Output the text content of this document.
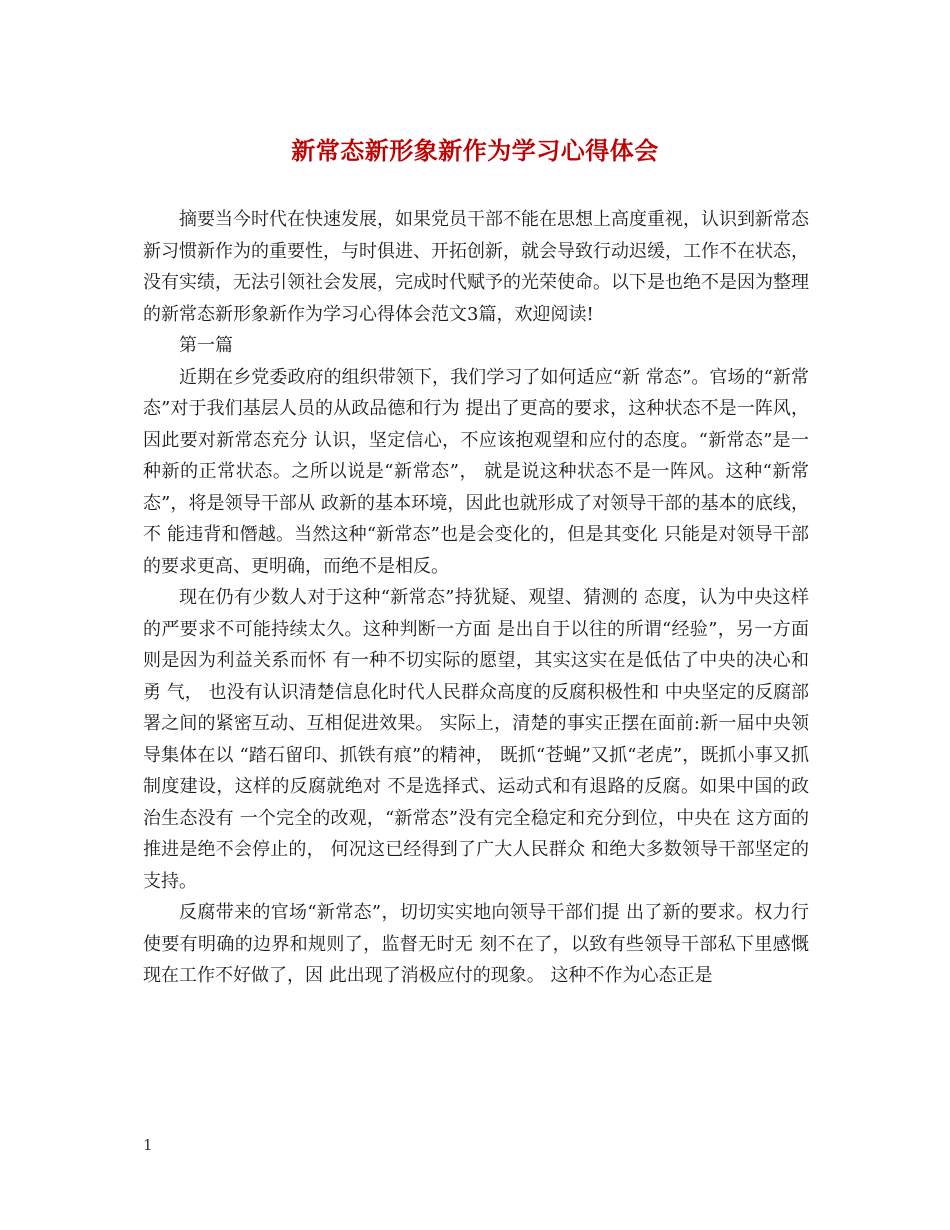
新常态新形象新作为学习心得体会

摘要当今时代在快速发展，如果党员干部不能在思想上高度重视，认识到新常态新习惯新作为的重要性，与时俱进、开拓创新，就会导致行动迟缓，工作不在状态，没有实绩，无法引领社会发展，完成时代赋予的光荣使命。以下是也绝不是因为整理的新常态新形象新作为学习心得体会范文3篇，欢迎阅读!

第一篇

近期在乡党委政府的组织带领下，我们学习了如何适应“新 常态”。官场的“新常态”对于我们基层人员的从政品德和行为 提出了更高的要求，这种状态不是一阵风，因此要对新常态充分 认识，坚定信心，不应该抱观望和应付的态度。“新常态”是一种新的正常状态。之所以说是“新常态”， 就是说这种状态不是一阵风。这种“新常态”，将是领导干部从 政新的基本环境，因此也就形成了对领导干部的基本的底线，不 能违背和僭越。当然这种“新常态”也是会变化的，但是其变化 只能是对领导干部的要求更高、更明确，而绝不是相反。

现在仍有少数人对于这种“新常态”持犹疑、观望、猜测的 态度，认为中央这样的严要求不可能持续太久。这种判断一方面 是出自于以往的所谓“经验”，另一方面则是因为利益关系而怀 有一种不切实际的愿望，其实这实在是低估了中央的决心和勇 气， 也没有认识清楚信息化时代人民群众高度的反腐积极性和 中央坚定的反腐部署之间的紧密互动、互相促进效果。 实际上，清楚的事实正摆在面前:新一届中央领导集体在以 “踏石留印、抓铁有痕”的精神， 既抓“苍蝇”又抓“老虎”，既抓小事又抓制度建设，这样的反腐就绝对 不是选择式、运动式和有退路的反腐。如果中国的政治生态没有 一个完全的改观，“新常态”没有完全稳定和充分到位，中央在 这方面的推进是绝不会停止的， 何况这已经得到了广大人民群众 和绝大多数领导干部坚定的支持。

反腐带来的官场“新常态”，切切实实地向领导干部们提 出了新的要求。权力行使要有明确的边界和规则了，监督无时无 刻不在了，以致有些领导干部私下里感慨现在工作不好做了，因 此出现了消极应付的现象。 这种不作为心态正是

1
